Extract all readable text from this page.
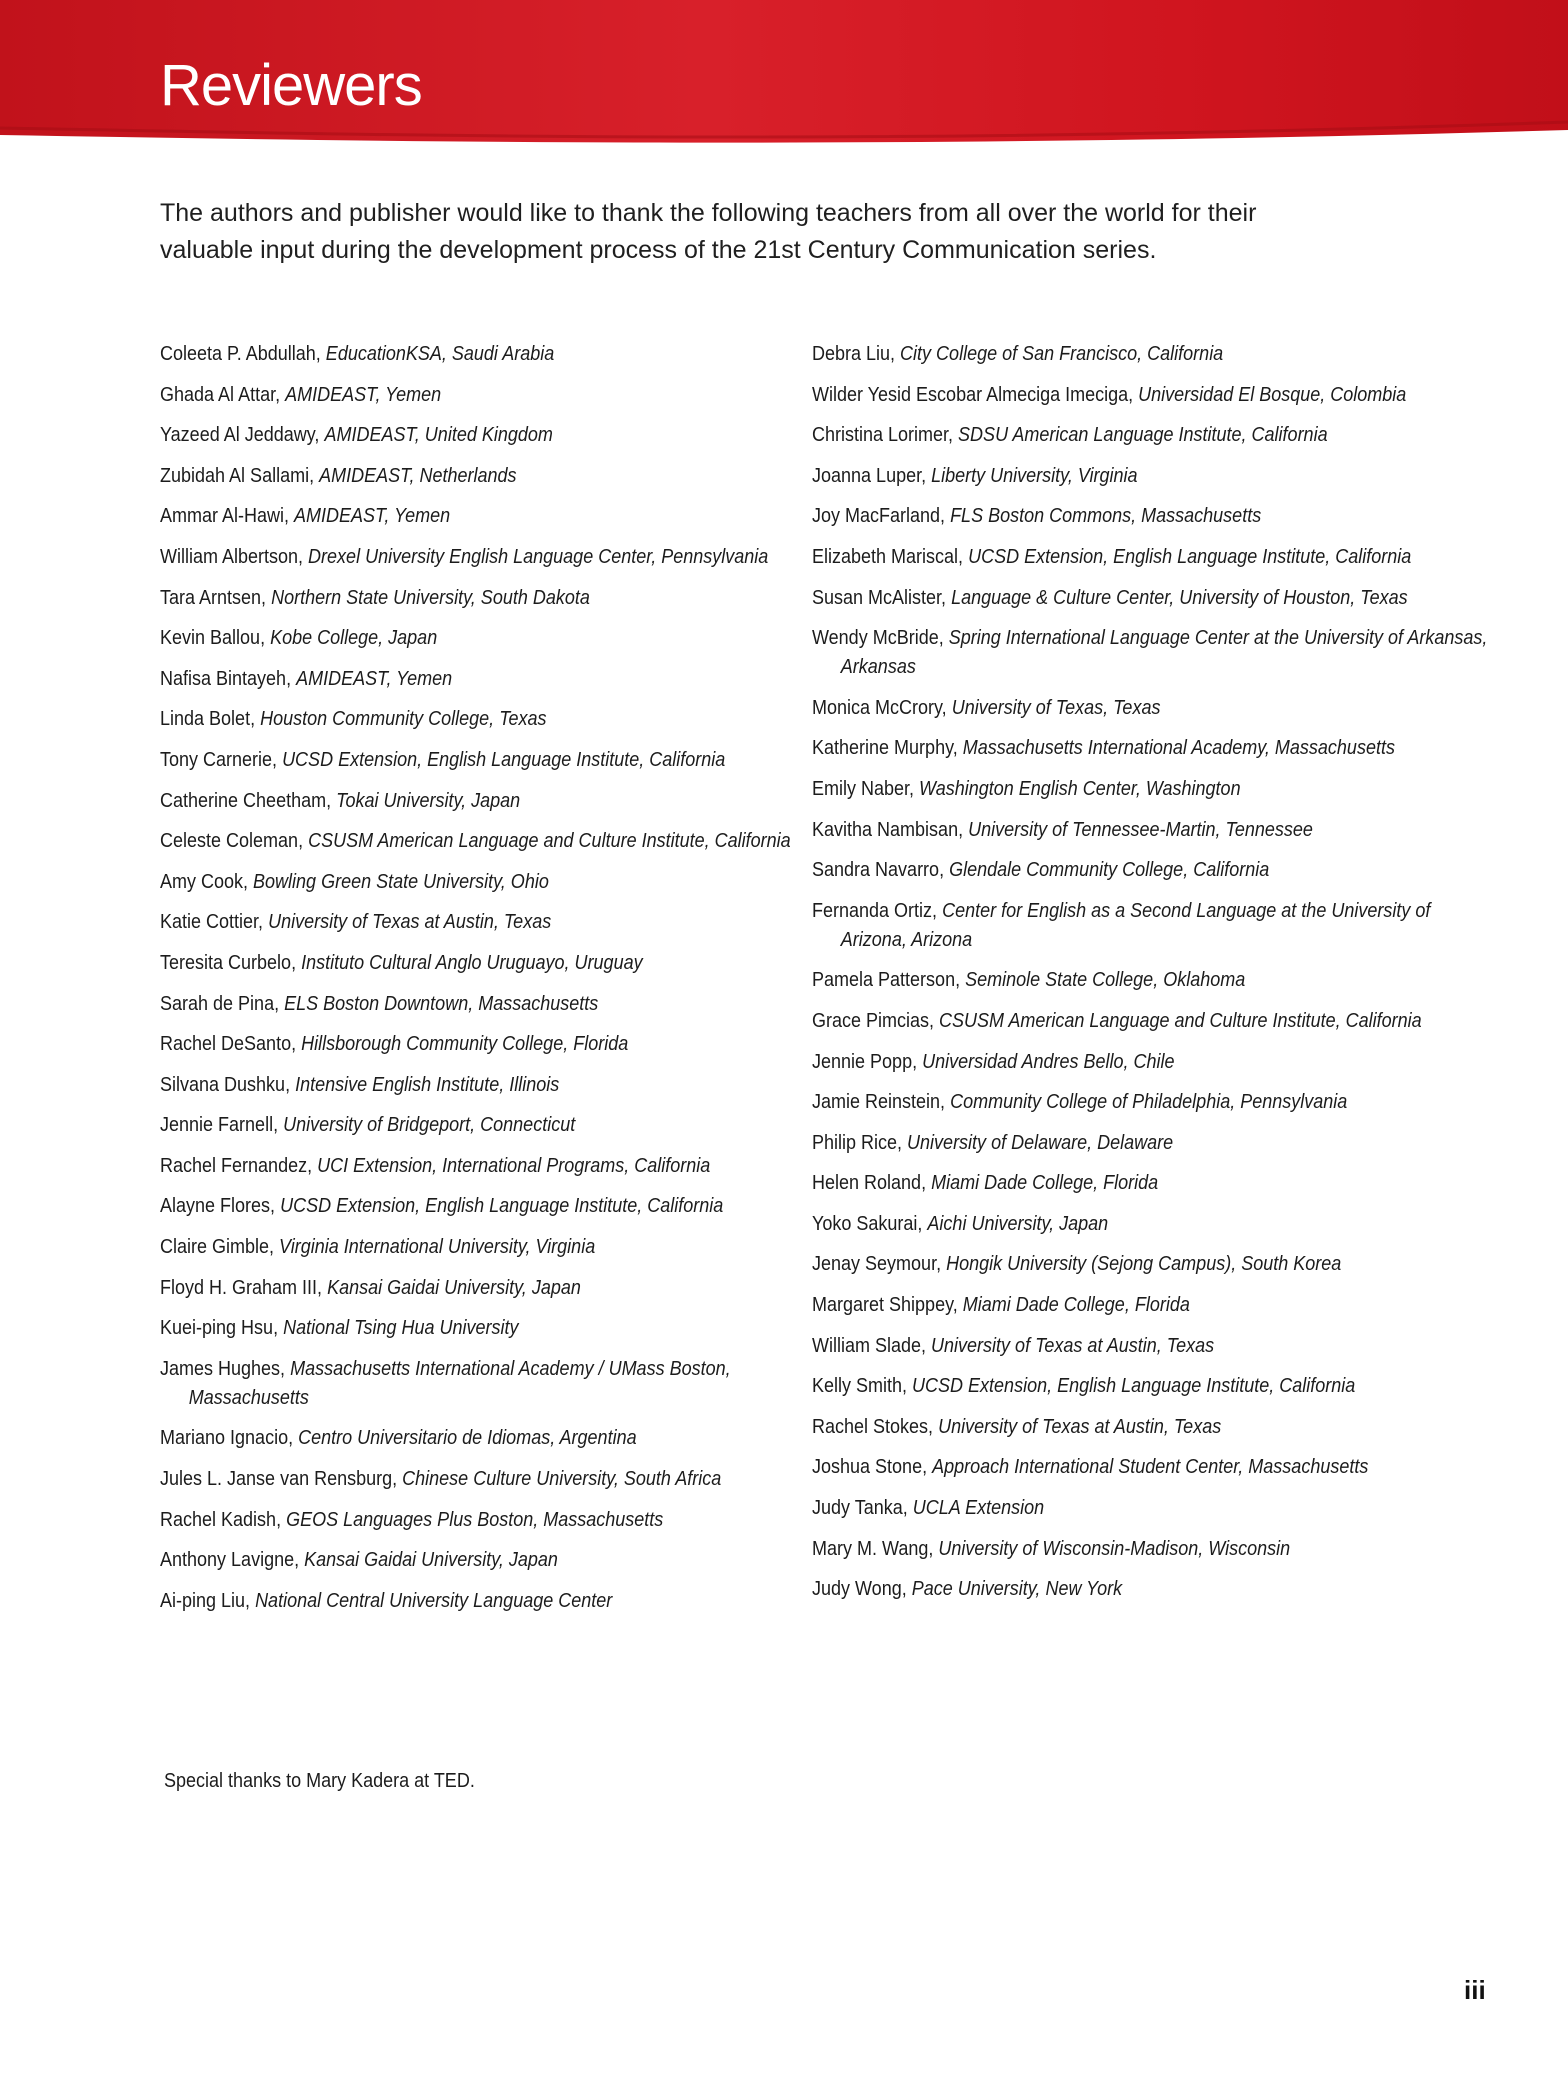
Reviewers

The authors and publisher would like to thank the following teachers from all over the world for their valuable input during the development process of the 21st Century Communication series.

Coleeta P. Abdullah, EducationKSA, Saudi Arabia
Ghada Al Attar, AMIDEAST, Yemen
Yazeed Al Jeddawy, AMIDEAST, United Kingdom
Zubidah Al Sallami, AMIDEAST, Netherlands
Ammar Al-Hawi, AMIDEAST, Yemen
William Albertson, Drexel University English Language Center, Pennsylvania
Tara Arntsen, Northern State University, South Dakota
Kevin Ballou, Kobe College, Japan
Nafisa Bintayeh, AMIDEAST, Yemen
Linda Bolet, Houston Community College, Texas
Tony Carnerie, UCSD Extension, English Language Institute, California
Catherine Cheetham, Tokai University, Japan
Celeste Coleman, CSUSM American Language and Culture Institute, California
Amy Cook, Bowling Green State University, Ohio
Katie Cottier, University of Texas at Austin, Texas
Teresita Curbelo, Instituto Cultural Anglo Uruguayo, Uruguay
Sarah de Pina, ELS Boston Downtown, Massachusetts
Rachel DeSanto, Hillsborough Community College, Florida
Silvana Dushku, Intensive English Institute, Illinois
Jennie Farnell, University of Bridgeport, Connecticut
Rachel Fernandez, UCI Extension, International Programs, California
Alayne Flores, UCSD Extension, English Language Institute, California
Claire Gimble, Virginia International University, Virginia
Floyd H. Graham III, Kansai Gaidai University, Japan
Kuei-ping Hsu, National Tsing Hua University
James Hughes, Massachusetts International Academy / UMass Boston, Massachusetts
Mariano Ignacio, Centro Universitario de Idiomas, Argentina
Jules L. Janse van Rensburg, Chinese Culture University, South Africa
Rachel Kadish, GEOS Languages Plus Boston, Massachusetts
Anthony Lavigne, Kansai Gaidai University, Japan
Ai-ping Liu, National Central University Language Center
Debra Liu, City College of San Francisco, California
Wilder Yesid Escobar Almeciga Imeciga, Universidad El Bosque, Colombia
Christina Lorimer, SDSU American Language Institute, California
Joanna Luper, Liberty University, Virginia
Joy MacFarland, FLS Boston Commons, Massachusetts
Elizabeth Mariscal, UCSD Extension, English Language Institute, California
Susan McAlister, Language & Culture Center, University of Houston, Texas
Wendy McBride, Spring International Language Center at the University of Arkansas, Arkansas
Monica McCrory, University of Texas, Texas
Katherine Murphy, Massachusetts International Academy, Massachusetts
Emily Naber, Washington English Center, Washington
Kavitha Nambisan, University of Tennessee-Martin, Tennessee
Sandra Navarro, Glendale Community College, California
Fernanda Ortiz, Center for English as a Second Language at the University of Arizona, Arizona
Pamela Patterson, Seminole State College, Oklahoma
Grace Pimcias, CSUSM American Language and Culture Institute, California
Jennie Popp, Universidad Andres Bello, Chile
Jamie Reinstein, Community College of Philadelphia, Pennsylvania
Philip Rice, University of Delaware, Delaware
Helen Roland, Miami Dade College, Florida
Yoko Sakurai, Aichi University, Japan
Jenay Seymour, Hongik University (Sejong Campus), South Korea
Margaret Shippey, Miami Dade College, Florida
William Slade, University of Texas at Austin, Texas
Kelly Smith, UCSD Extension, English Language Institute, California
Rachel Stokes, University of Texas at Austin, Texas
Joshua Stone, Approach International Student Center, Massachusetts
Judy Tanka, UCLA Extension
Mary M. Wang, University of Wisconsin-Madison, Wisconsin
Judy Wong, Pace University, New York

Special thanks to Mary Kadera at TED.

iii
